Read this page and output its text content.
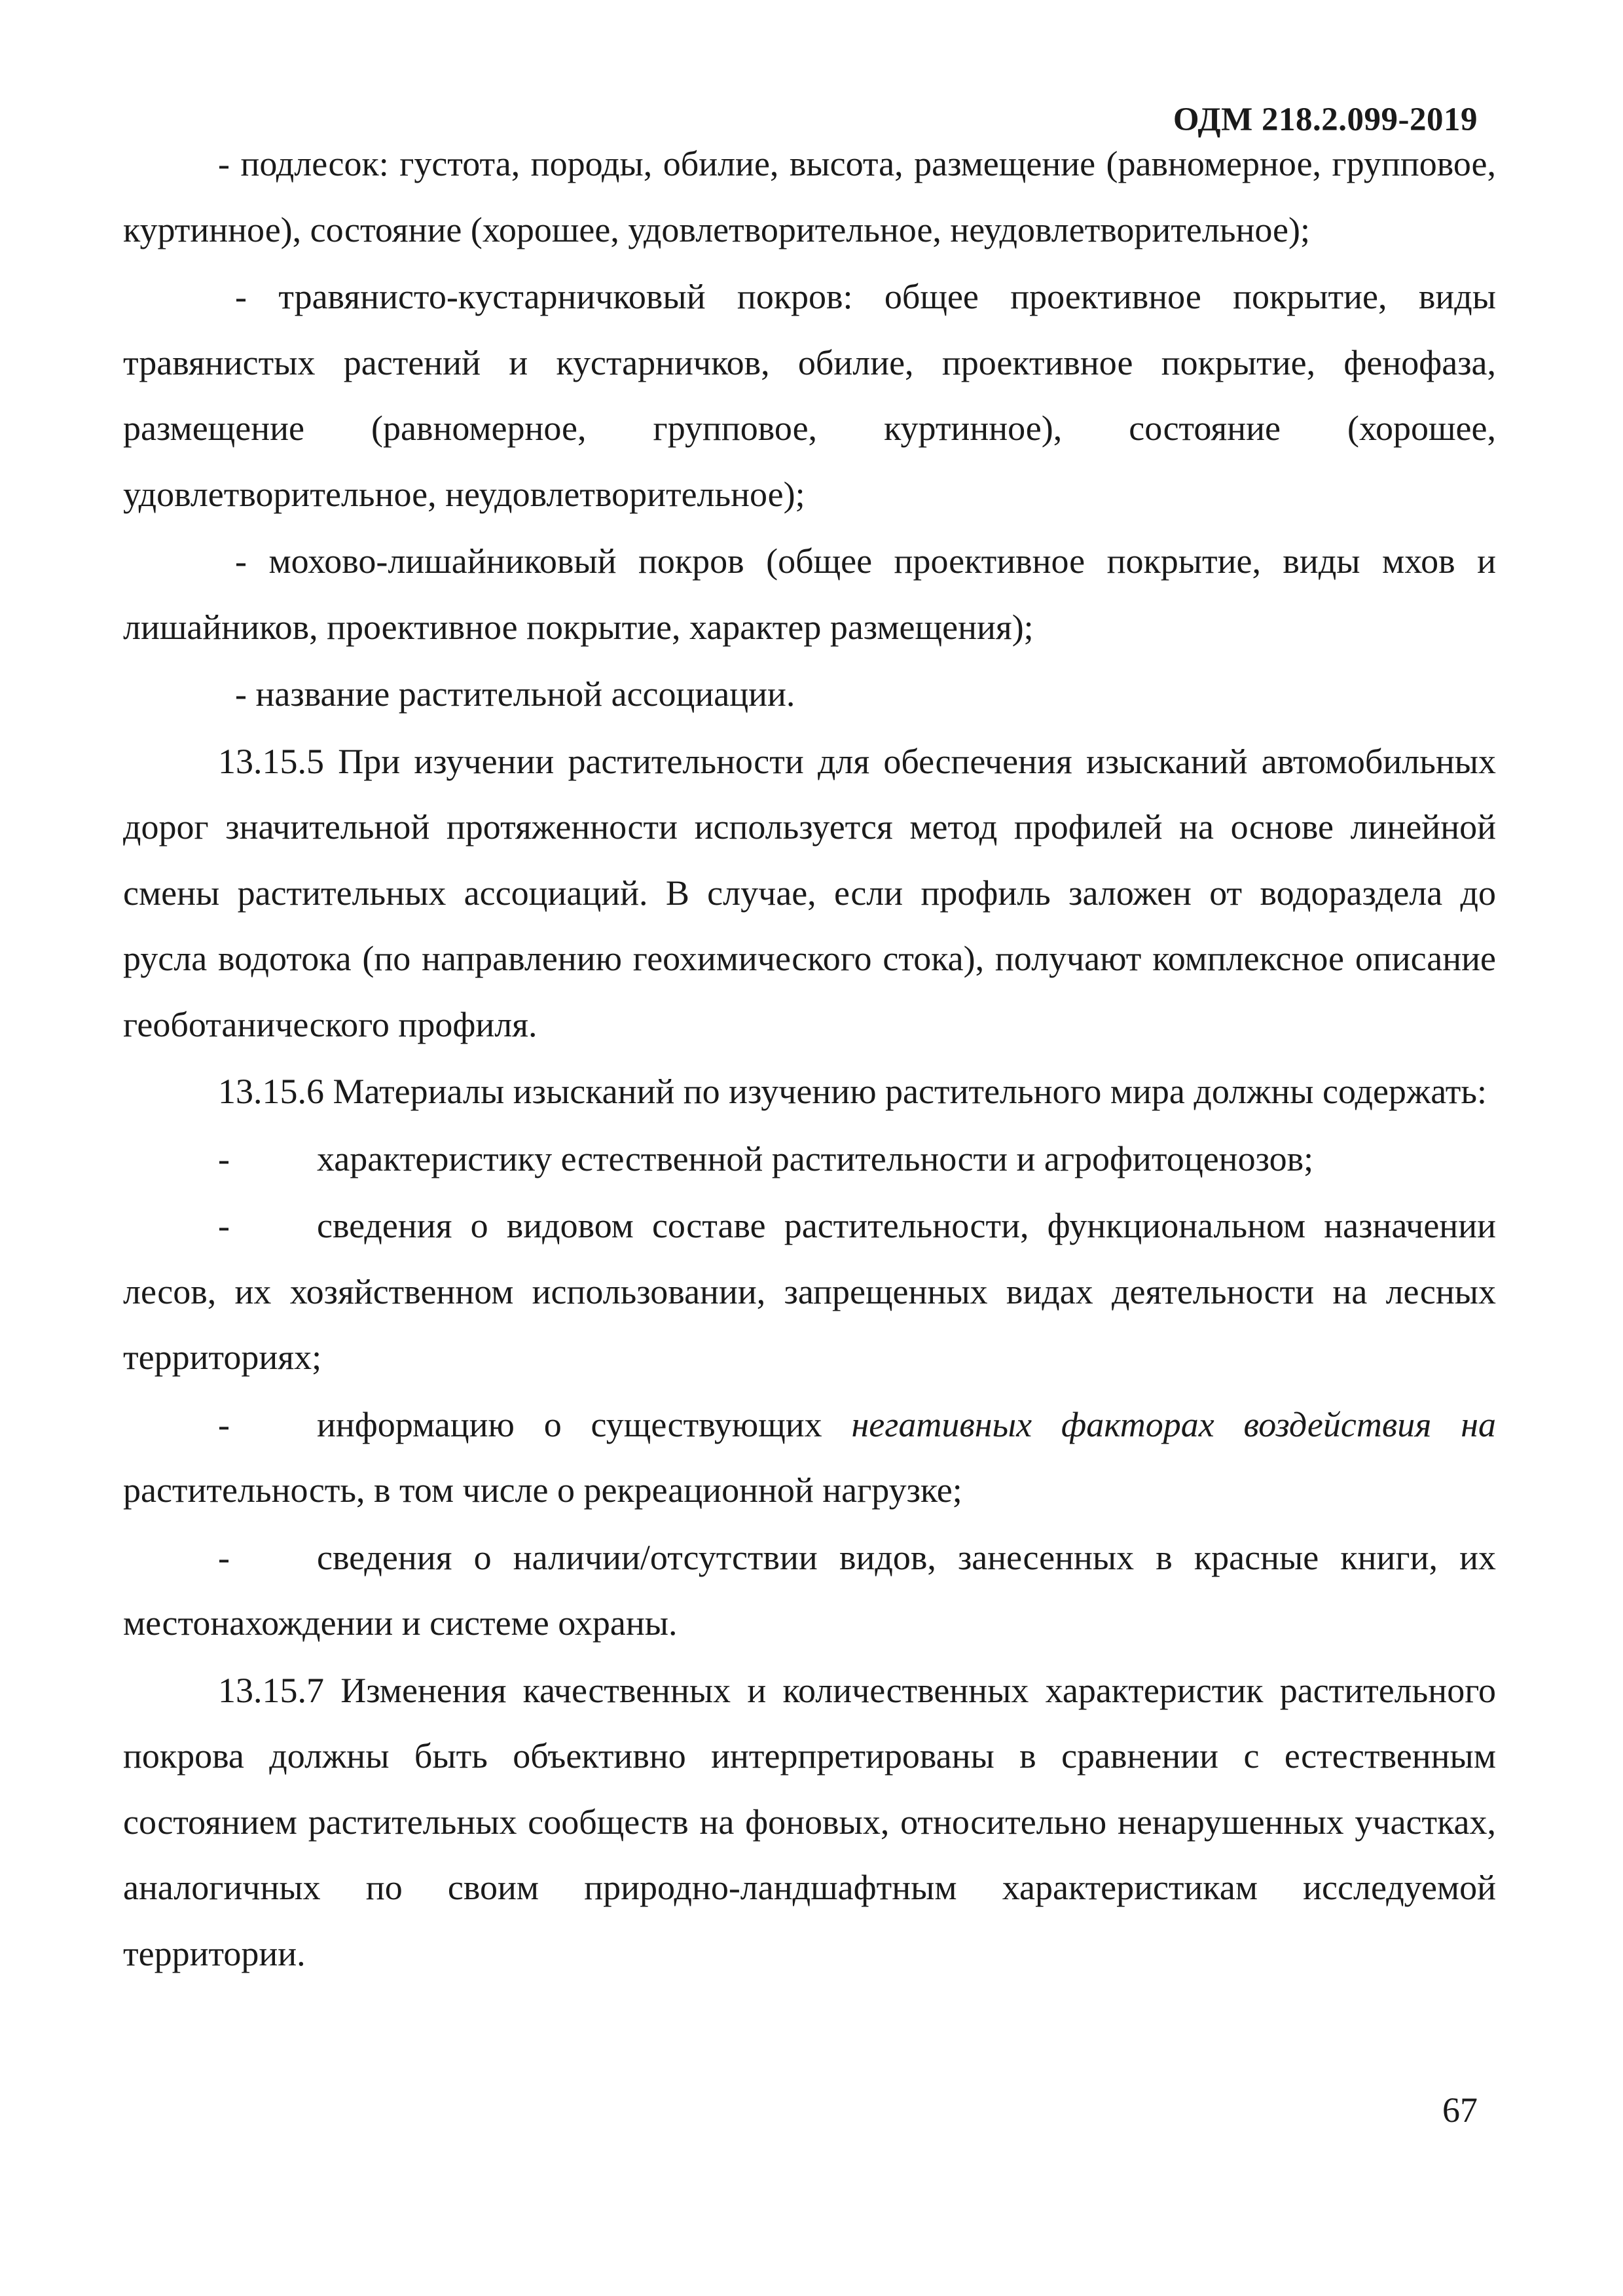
ОДМ 218.2.099-2019

- подлесок: густота, породы, обилие, высота, размещение (равномерное, групповое, куртинное), состояние (хорошее, удовлетворительное, неудовлетворительное);

- травянисто-кустарничковый покров: общее проективное покрытие, виды травянистых растений и кустарничков, обилие, проективное покрытие, фенофаза, размещение (равномерное, групповое, куртинное), состояние (хорошее, удовлетворительное, неудовлетворительное);

- мохово-лишайниковый покров (общее проективное покрытие, виды мхов и лишайников, проективное покрытие, характер размещения);

- название растительной ассоциации.

13.15.5 При изучении растительности для обеспечения изысканий автомобильных дорог значительной протяженности используется метод профилей на основе линейной смены растительных ассоциаций. В случае, если профиль заложен от водораздела до русла водотока (по направлению геохимического стока), получают комплексное описание геоботанического профиля.

13.15.6 Материалы изысканий по изучению растительного мира должны содержать:

- характеристику естественной растительности и агрофитоценозов;

- сведения о видовом составе растительности, функциональном назначении лесов, их хозяйственном использовании, запрещенных видах деятельности на лесных территориях;

- информацию о существующих негативных факторах воздействия на растительность, в том числе о рекреационной нагрузке;

- сведения о наличии/отсутствии видов, занесенных в красные книги, их местонахождении и системе охраны.

13.15.7 Изменения качественных и количественных характеристик растительного покрова должны быть объективно интерпретированы в сравнении с естественным состоянием растительных сообществ на фоновых, относительно ненарушенных участках, аналогичных по своим природно-ландшафтным характеристикам исследуемой территории.

67
